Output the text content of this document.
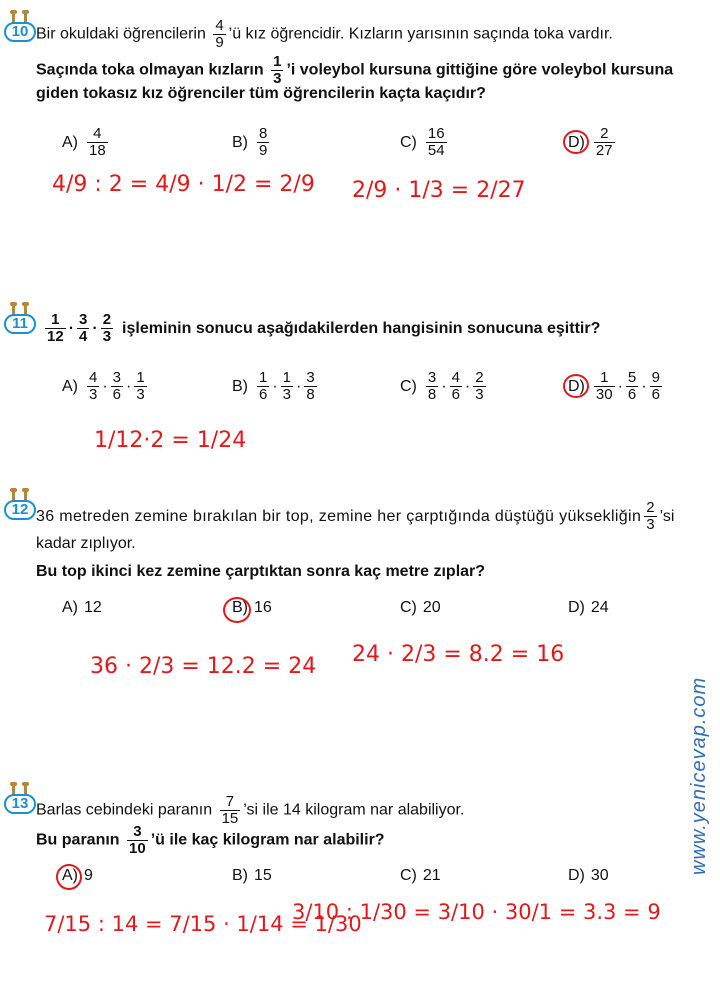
10 Bir okuldaki öğrencilerin $\frac{4}{9}$ ’ü kız öğrencidir. Kızların yarısının saçında toka vardır.
Saçında toka olmayan kızların $\frac{1}{3}$ ’i voleybol kursuna gittiğine göre voleybol kursuna
giden tokasız kız öğrenciler tüm öğrencilerin kaçta kaçıdır?
$A) \frac{4}{18}$	$B) \frac{8}{9}$	$C) \frac{16}{54}$	$D) \frac{2}{27}$
4/9 : 2 = 4/9 · 1/2 = 2/9 2/9 · 1/3 = 2/27
11	$\frac{1}{12} \cdot \frac{3}{4} \cdot \frac{2}{3}$ işleminin sonucu aşağıdakilerden hangisinin sonucuna eşittir?
$A) \frac{4}{3} \cdot \frac{3}{6} \cdot \frac{1}{3}$	$B) \frac{1}{6} \cdot \frac{1}{3} \cdot \frac{3}{8}$	$C) \frac{3}{8} \cdot \frac{4}{6} \cdot \frac{2}{3}$	$D) \frac{1}{30} \cdot \frac{5}{6} \cdot \frac{9}{6}$
1/12·2 = 1/24
12 36 metreden zemine bırakılan bir top, zemine her çarptığında düştüğü yüksekliğin $\frac{2}{3}$ ’si
kadar zıplıyor.
Bu top ikinci kez zemine çarptıktan sonra kaç metre zıplar?
A) 12	B) 16	C) 20	D) 24
36 · 2/3 = 12.2 = 24 24 · 2/3 = 8.2 = 16
www.yenicevap.com
13 Barlas cebindeki paranın $\frac{7}{15}$ ’si ile 14 kilogram nar alabiliyor.
Bu paranın $\frac{3}{10}$ ’ü ile kaç kilogram nar alabilir?
A) 9	B) 15	C) 21	D) 30
7/15 : 14 = 7/15 · 1/14 = 1/30
3/10 : 1/30 = 3/10 · 30/1 = 3.3 = 9
